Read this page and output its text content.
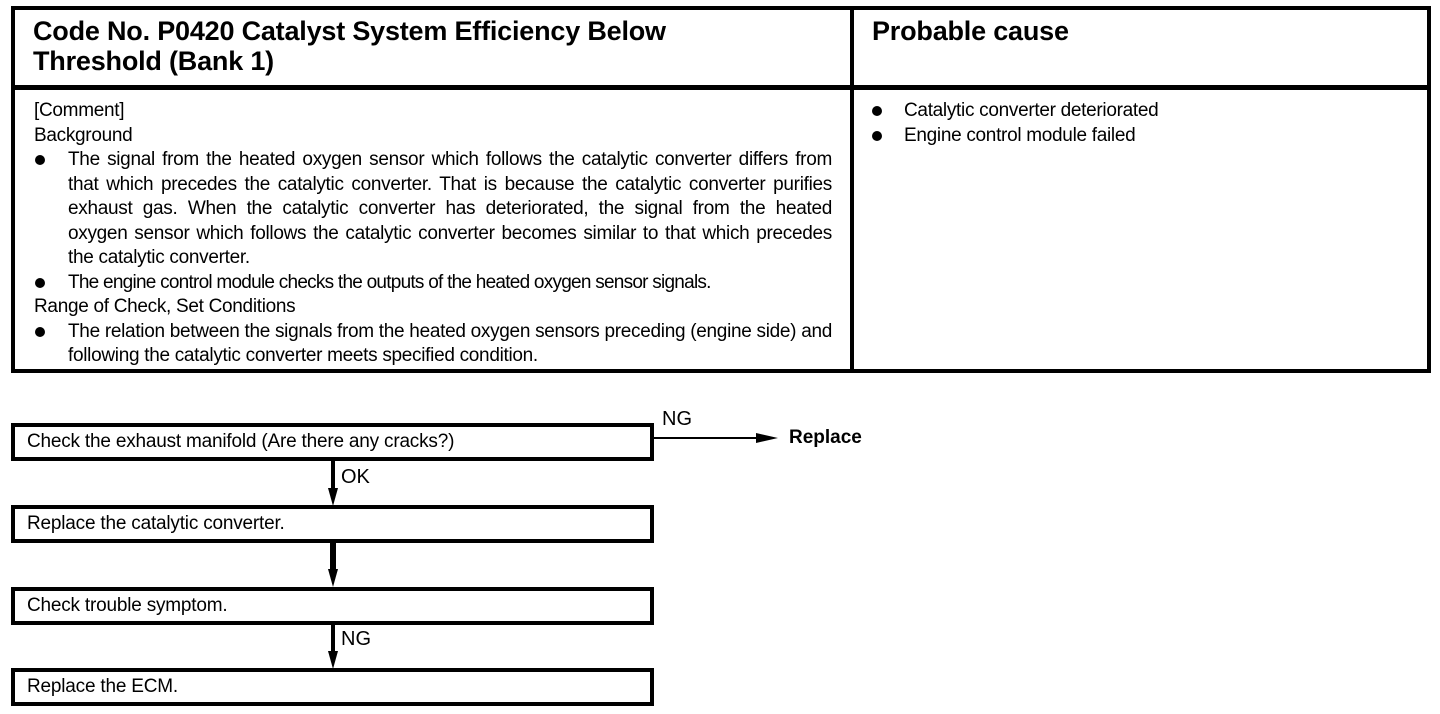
Code No. P0420 Catalyst System Efficiency Below
Threshold (Bank 1)
Probable cause
[Comment]
Background
The signal from the heated oxygen sensor which follows the catalytic converter differs from that which precedes the catalytic converter. That is because the catalytic converter purifies exhaust gas. When the catalytic converter has deteriorated, the signal from the heated oxygen sensor which follows the catalytic converter becomes similar to that which precedes the catalytic converter.
The engine control module checks the outputs of the heated oxygen sensor signals.
Range of Check, Set Conditions
The relation between the signals from the heated oxygen sensors preceding (engine side) and following the catalytic converter meets specified condition.
Catalytic converter deteriorated
Engine control module failed
Check the exhaust manifold (Are there any cracks?)
NG
Replace
OK
Replace the catalytic converter.
Check trouble symptom.
NG
Replace the ECM.
